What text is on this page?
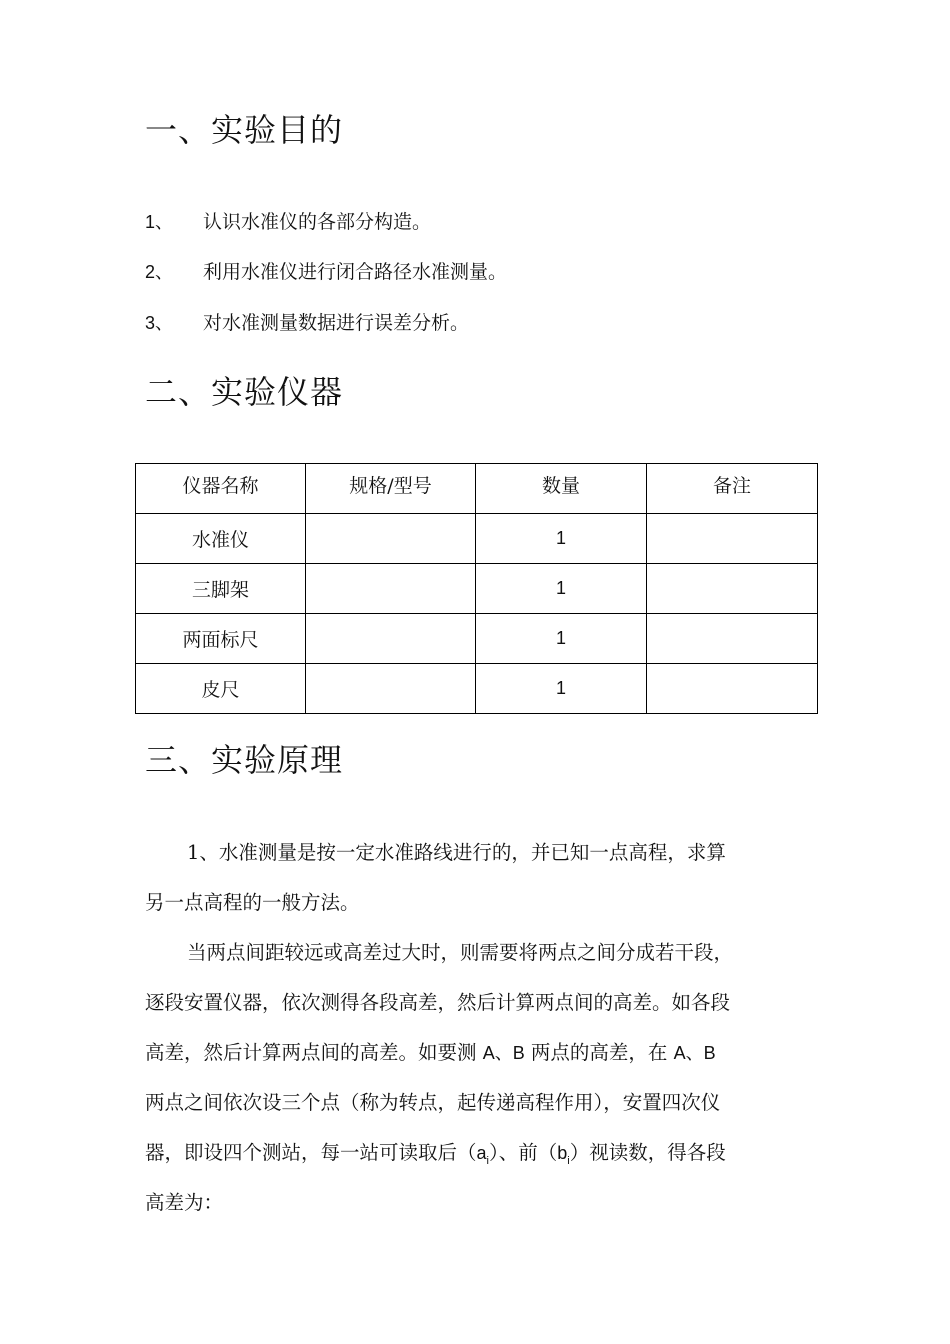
一、实验目的
1、 认识水准仪的各部分构造。
2、 利用水准仪进行闭合路径水准测量。
3、 对水准测量数据进行误差分析。
二、实验仪器
仪器名称	规格/型号	数量	备注
水准仪		1	
三脚架		1	
两面标尺		1	
皮尺		1	
三、实验原理
1、水准测量是按一定水准路线进行的，并已知一点高程，求算
另一点高程的一般方法。
当两点间距较远或高差过大时，则需要将两点之间分成若干段，
逐段安置仪器，依次测得各段高差，然后计算两点间的高差。如各段
高差，然后计算两点间的高差。如要测 A、B 两点的高差，在 A、B
两点之间依次设三个点（称为转点，起传递高程作用），安置四次仪
器，即设四个测站，每一站可读取后$(a_i)$、前$(b_i)$视读数，得各段
高差为：
